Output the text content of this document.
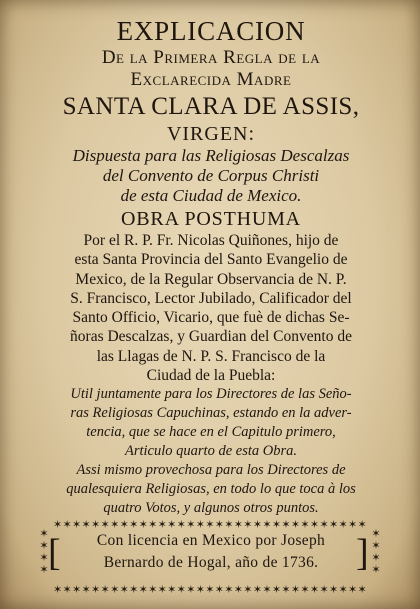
EXPLICACION
De la Primera Regla de la
Exclarecida Madre
SANTA CLARA DE ASSIS,
VIRGEN:
Dispuesta para las Religiosas Descalzas
del Convento de Corpus Christi
de esta Ciudad de Mexico.
OBRA POSTHUMA
Por el R. P. Fr. Nicolas Quiñones, hijo de
esta Santa Provincia del Santo Evangelio de
Mexico, de la Regular Observancia de N. P.
S. Francisco, Lector Jubilado, Calificador del
Santo Officio, Vicario, que fuè de dichas Se-
ñoras Descalzas, y Guardian del Convento de
las Llagas de N. P. S. Francisco de la
Ciudad de la Puebla:
Util juntamente para los Directores de las Seño-
ras Religiosas Capuchinas, estando en la adver-
tencia, que se hace en el Capitulo primero,
Articulo quarto de esta Obra.
Assi mismo provechosa para los Directores de
qualesquiera Religiosas, en todo lo que toca à los
quatro Votos, y algunos otros puntos.
✶✶✶✶✶✶✶✶✶✶✶✶✶✶✶✶✶✶✶✶✶✶✶✶✶✶✶✶✶✶✶✶✶
✶
✶
✶
✶
✶
✶
✶
✶
[	]
Con licencia en Mexico por Joseph
Bernardo de Hogal, año de 1736.
✶✶✶✶✶✶✶✶✶✶✶✶✶✶✶✶✶✶✶✶✶✶✶✶✶✶✶✶✶✶✶✶✶
